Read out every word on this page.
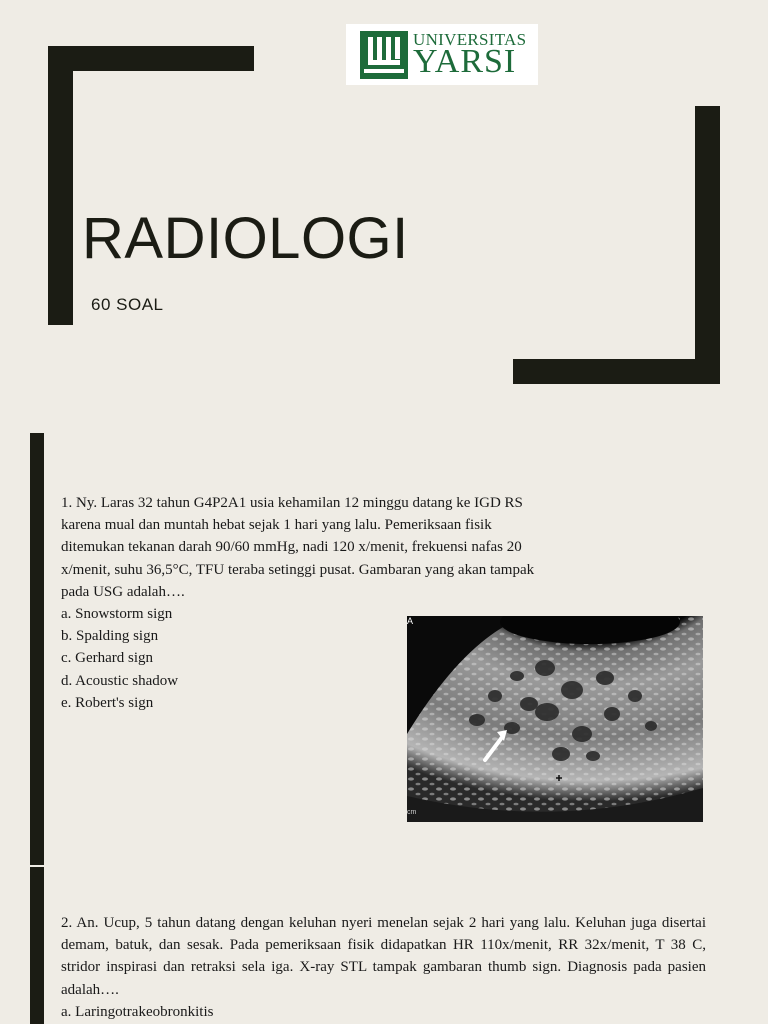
UNIVERSITAS
YARSI
RADIOLOGI
60 SOAL

1. Ny. Laras 32 tahun G4P2A1 usia kehamilan 12 minggu datang ke IGD RS karena mual dan muntah hebat sejak 1 hari yang lalu. Pemeriksaan fisik ditemukan tekanan darah 90/60 mmHg, nadi 120 x/menit, frekuensi nafas 20 x/menit, suhu 36,5°C, TFU teraba setinggi pusat. Gambaran yang akan tampak pada USG adalah….

a. Snowstorm sign

b. Spalding sign

c. Gerhard sign

d. Acoustic shadow

e. Robert's sign

A
cm

2. An. Ucup, 5 tahun datang dengan keluhan nyeri menelan sejak 2 hari yang lalu. Keluhan juga disertai demam, batuk, dan sesak. Pada pemeriksaan fisik didapatkan HR 110x/menit, RR 32x/menit, T 38 C, stridor inspirasi dan retraksi sela iga. X-ray STL tampak gambaran thumb sign. Diagnosis pada pasien adalah….

a. Laringotrakeobronkitis
